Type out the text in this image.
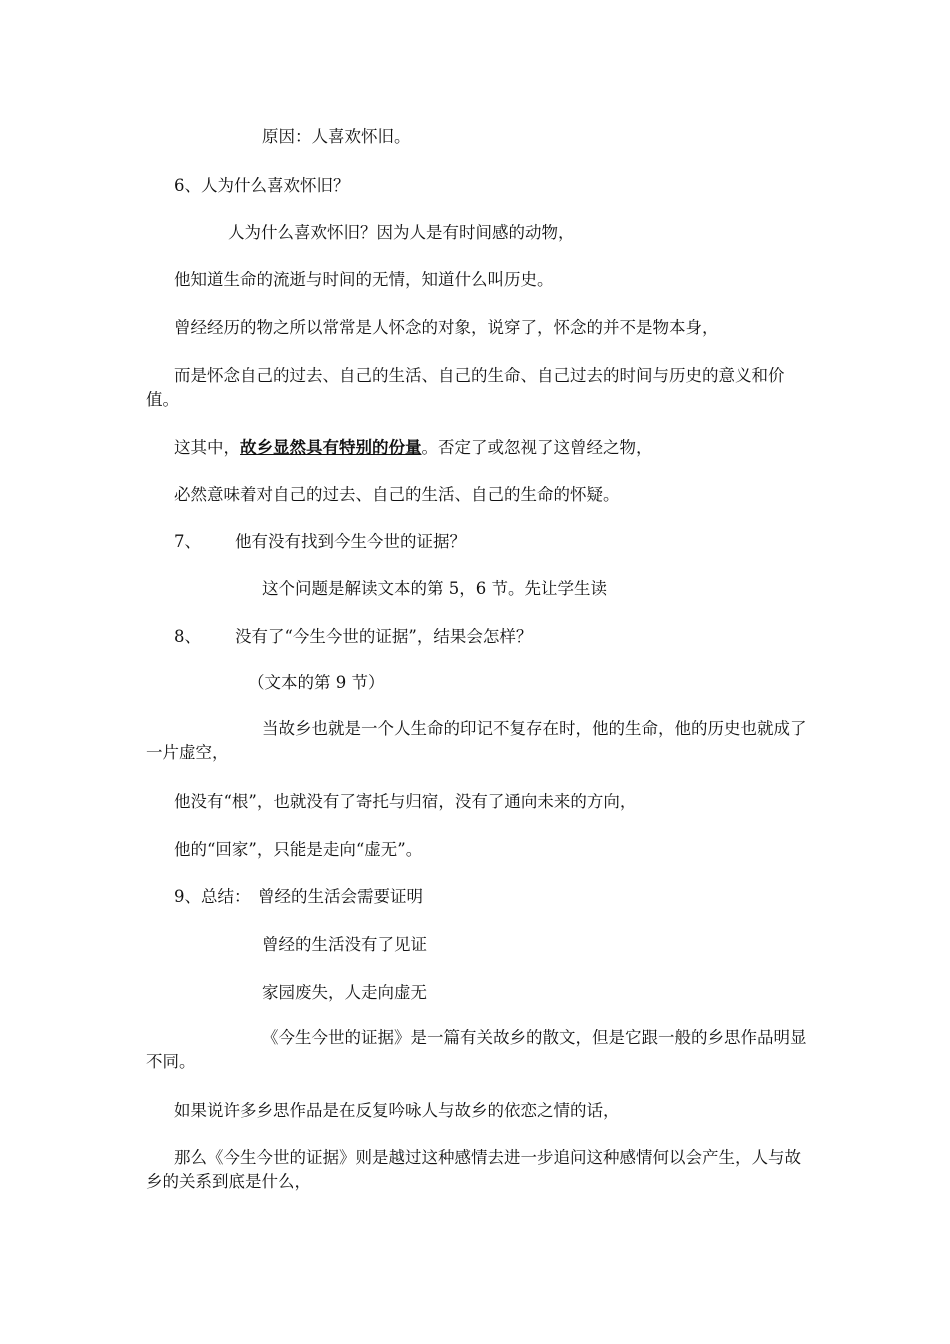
原因：人喜欢怀旧。

6、人为什么喜欢怀旧？

人为什么喜欢怀旧？因为人是有时间感的动物，

他知道生命的流逝与时间的无情，知道什么叫历史。

曾经经历的物之所以常常是人怀念的对象，说穿了，怀念的并不是物本身，

而是怀念自己的过去、自己的生活、自己的生命、自己过去的时间与历史的意义和价值。

这其中，故乡显然具有特别的份量。否定了或忽视了这曾经之物，

必然意味着对自己的过去、自己的生活、自己的生命的怀疑。

7、	他有没有找到今生今世的证据？

这个问题是解读文本的第 5，6 节。先让学生读

8、	没有了“今生今世的证据”，结果会怎样？

（文本的第 9 节）

当故乡也就是一个人生命的印记不复存在时，他的生命，他的历史也就成了一片虚空，

他没有“根”，也就没有了寄托与归宿，没有了通向未来的方向，

他的“回家”，只能是走向“虚无”。

9、总结： 曾经的生活会需要证明

曾经的生活没有了见证

家园废失，人走向虚无

《今生今世的证据》是一篇有关故乡的散文，但是它跟一般的乡思作品明显不同。

如果说许多乡思作品是在反复吟咏人与故乡的依恋之情的话，

那么《今生今世的证据》则是越过这种感情去进一步追问这种感情何以会产生，人与故乡的关系到底是什么，
